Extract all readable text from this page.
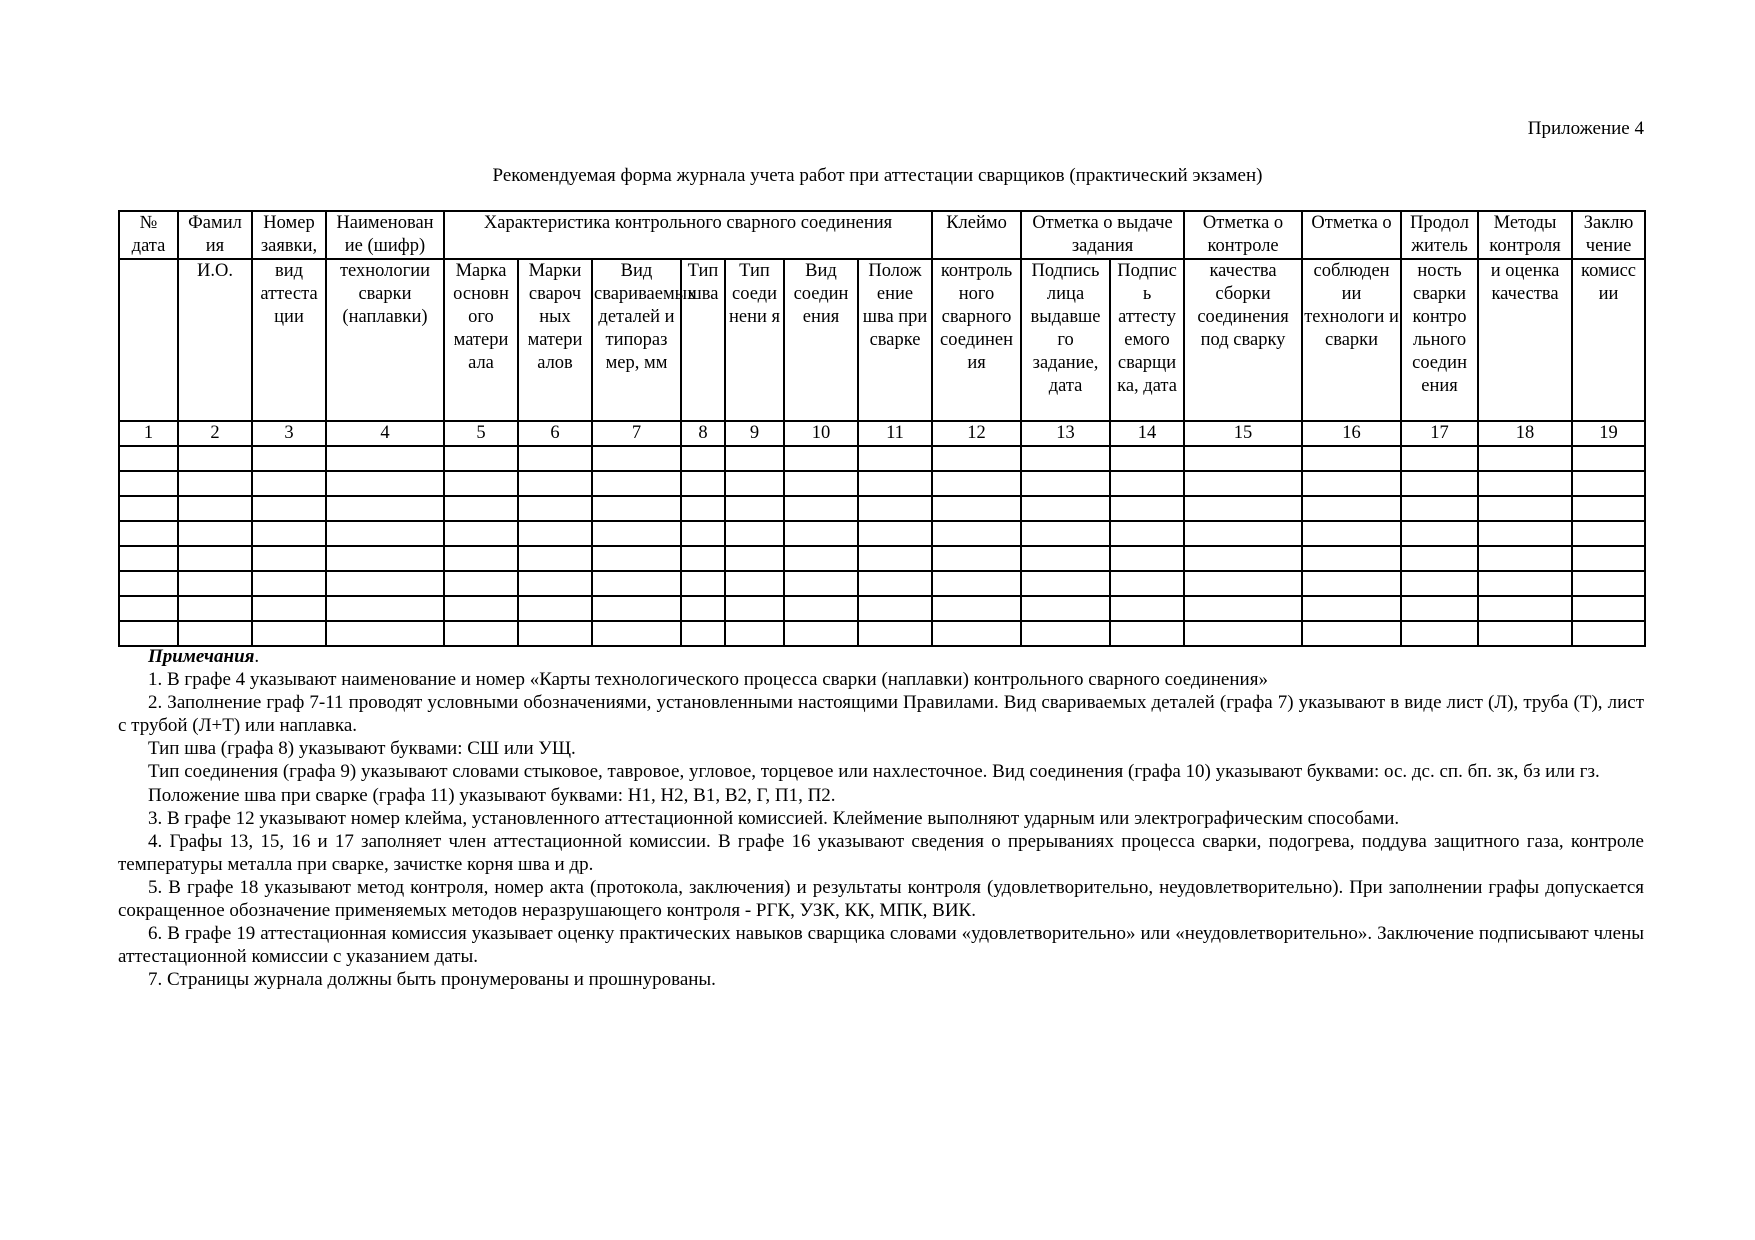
Приложение 4
Рекомендуемая форма журнала учета работ при аттестации сварщиков (практический экзамен)
№ дата	Фамил ия	Номер заявки,	Наименован ие (шифр)	Характеристика контрольного сварного соединения							Клеймо	Отметка о выдаче задания		Отметка о контроле	Отметка о	Продол житель	Методы контроля	Заклю чение
	И.О.	вид аттеста ции	технологии сварки (наплавки)	Марка основн ого матери ала	Марки свароч ных матери алов	Вид свариваемых деталей и типораз мер, мм	Тип шва	Тип соеди нени я	Вид соедин ения	Полож ение шва при сварке	контроль ного сварного соединен ия	Подпись лица выдавше го задание, дата	Подпис ь аттесту емого сварщи ка, дата	качества сборки соединения под сварку	соблюден ии технологи и сварки	ность сварки контро льного соедин ения	и оценка качества	комисс ии
1	2	3	4	5	6	7	8	9	10	11	12	13	14	15	16	17	18	19

Примечания.

1. В графе 4 указывают наименование и номер «Карты технологического процесса сварки (наплавки) контрольного сварного соединения»

2. Заполнение граф 7-11 проводят условными обозначениями, установленными настоящими Правилами. Вид свариваемых деталей (графа 7) указывают в виде лист (Л), труба (Т), лист с трубой (Л+Т) или наплавка.

Тип шва (графа 8) указывают буквами: СШ или УЩ.

Тип соединения (графа 9) указывают словами стыковое, тавровое, угловое, торцевое или нахлесточное. Вид соединения (графа 10) указывают буквами: ос. дс. сп. бп. зк, бз или гз.

Положение шва при сварке (графа 11) указывают буквами: Н1, Н2, В1, В2, Г, П1, П2.

3. В графе 12 указывают номер клейма, установленного аттестационной комиссией. Клеймение выполняют ударным или электрографическим способами.

4. Графы 13, 15, 16 и 17 заполняет член аттестационной комиссии. В графе 16 указывают сведения о прерываниях процесса сварки, подогрева, поддува защитного газа, контроле температуры металла при сварке, зачистке корня шва и др.

5. В графе 18 указывают метод контроля, номер акта (протокола, заключения) и результаты контроля (удовлетворительно, неудовлетворительно). При заполнении графы допускается сокращенное обозначение применяемых методов неразрушающего контроля - РГК, УЗК, КК, МПК, ВИК.

6. В графе 19 аттестационная комиссия указывает оценку практических навыков сварщика словами «удовлетворительно» или «неудовлетворительно». Заключение подписывают члены аттестационной комиссии с указанием даты.

7. Страницы журнала должны быть пронумерованы и прошнурованы.
